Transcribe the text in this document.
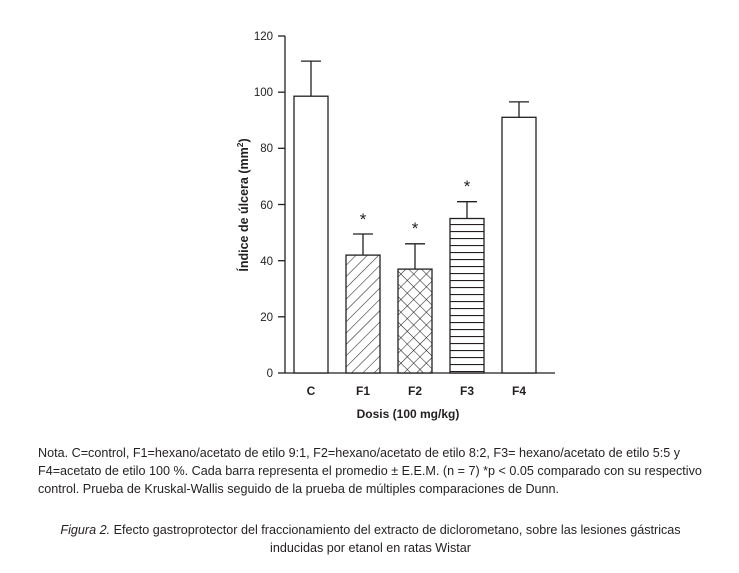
0
20
40
60
80
100
120
*	*
*
C	F1	F2	F3	F4
Dosis (100 mg/kg)
Índice de úlcera $(mm^2)$

Nota. C=control, F1=hexano/acetato de etilo 9:1, F2=hexano/acetato de etilo 8:2, F3= hexano/acetato de etilo 5:5 y F4=acetato de etilo 100 %. Cada barra representa el promedio ± E.E.M. (n = 7) *p < 0.05 comparado con su respectivo control. Prueba de Kruskal-Wallis seguido de la prueba de múltiples comparaciones de Dunn.

Figura 2. Efecto gastroprotector del fraccionamiento del extracto de diclorometano, sobre las lesiones gástricas inducidas por etanol en ratas Wistar
